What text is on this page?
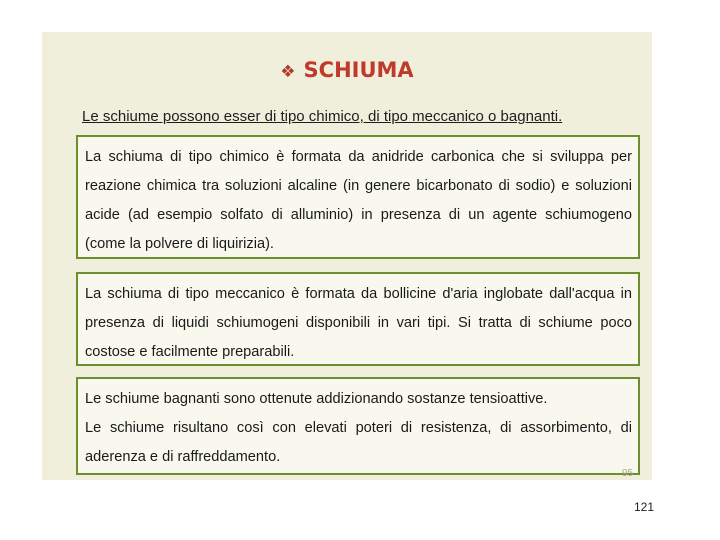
❖ SCHIUMA
Le schiume possono esser di tipo chimico, di tipo meccanico o bagnanti.

La schiuma di tipo chimico è formata da anidride carbonica che si sviluppa per reazione chimica tra soluzioni alcaline (in genere bicarbonato di sodio) e soluzioni acide (ad esempio solfato di alluminio) in presenza di un agente schiumogeno (come la polvere di liquirizia).

La schiuma di tipo meccanico è formata da bollicine d'aria inglobate dall'acqua in presenza di liquidi schiumogeni disponibili in vari tipi. Si tratta di schiume poco costose e facilmente preparabili.

Le schiume bagnanti sono ottenute addizionando sostanze tensioattive.

Le schiume risultano così con elevati poteri di resistenza, di assorbimento, di aderenza e di raffreddamento.

95
121
